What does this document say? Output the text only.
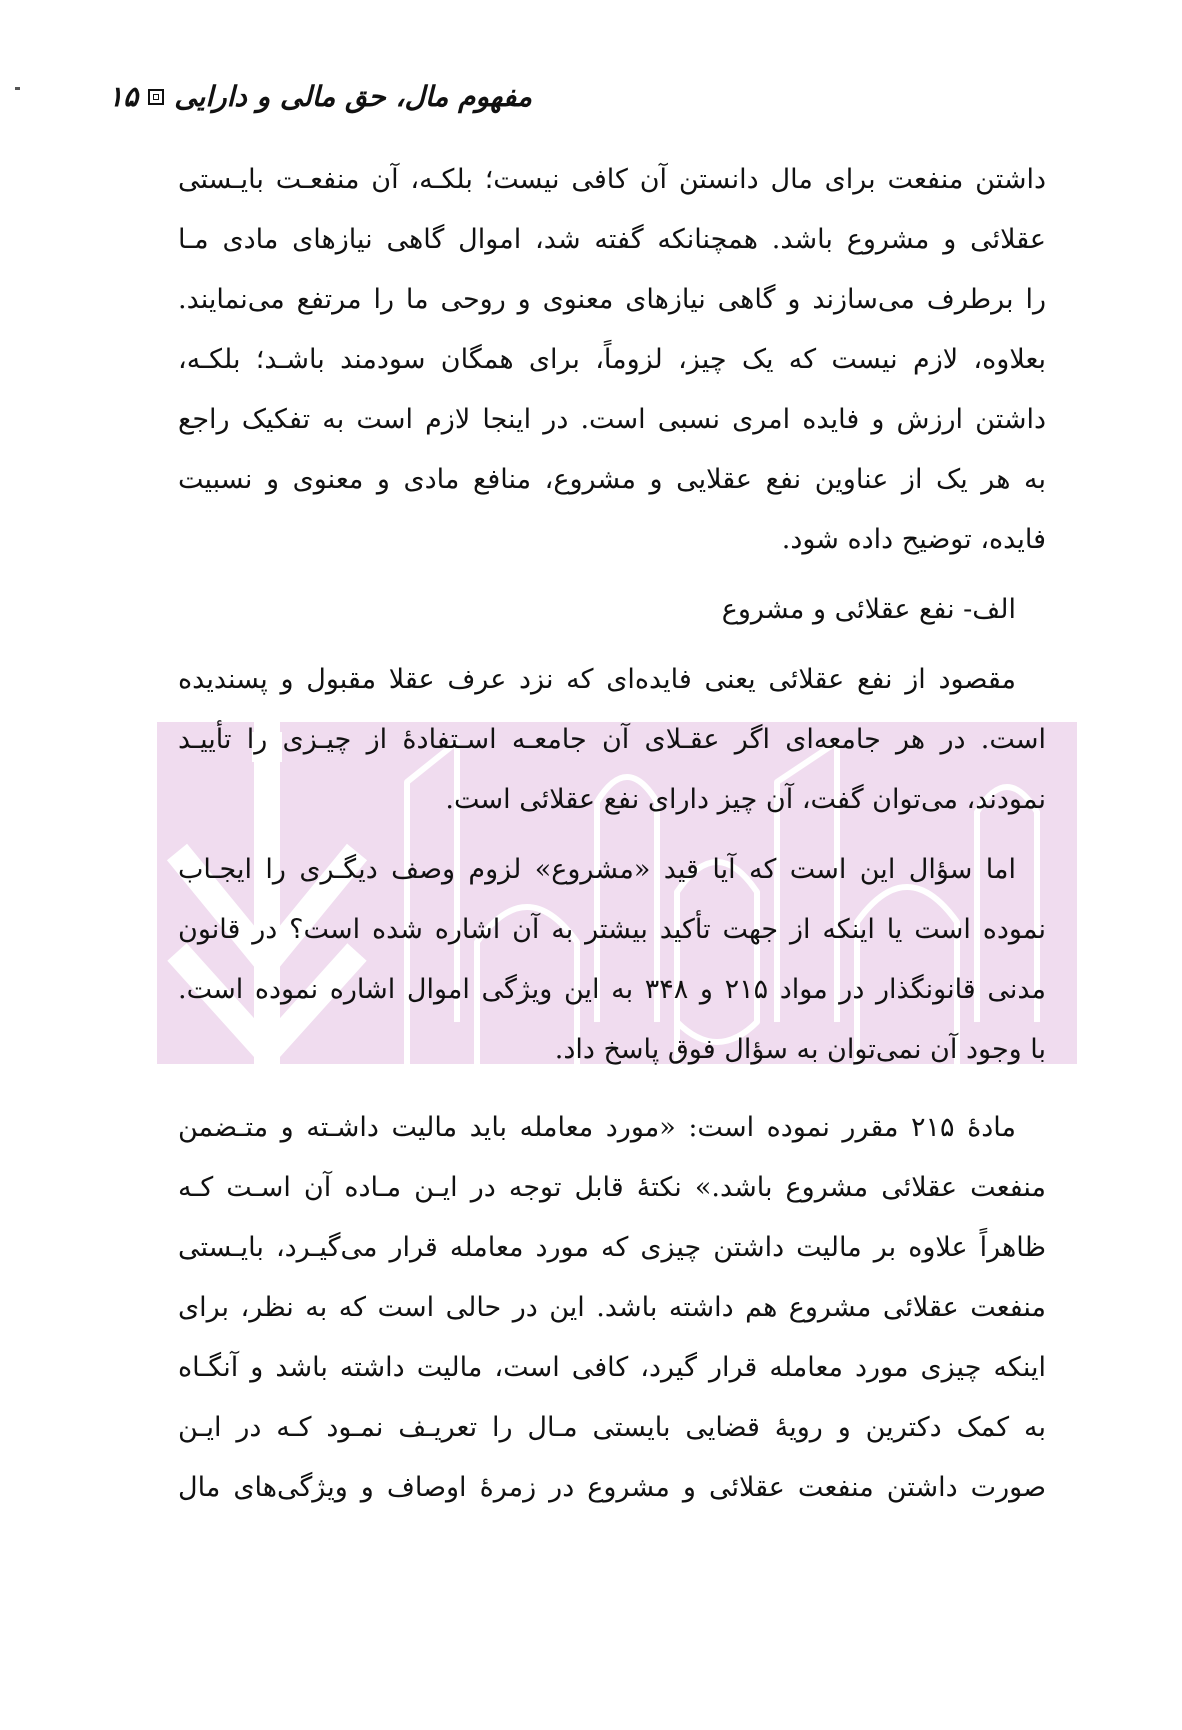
مفهوم مال، حق مالی و دارایی
۱۵
داشتن منفعت برای مال دانستن آن کافی نیست؛ بلکـه، آن منفعـت بایـستی
عقلائی و مشروع باشد. همچنانکه گفته شد، اموال گاهی نیازهای مادی مـا
را برطرف می‌سازند و گاهی نیازهای معنوی و روحی ما را مرتفع می‌نمایند.
بعلاوه، لازم نیست که یک چیز، لزوماً، برای همگان سودمند باشـد؛ بلکـه،
داشتن ارزش و فایده امری نسبی است. در اینجا لازم است به تفکیک راجع
به هر یک از عناوین نفع عقلایی و مشروع، منافع مادی و معنوی و نسبیت
فایده، توضیح داده شود.
الف- نفع عقلائی و مشروع
مقصود از نفع عقلائی یعنی فایده‌ای که نزد عرف عقلا مقبول و پسندیده
است. در هر جامعه‌ای اگر عقـلای آن جامعـه اسـتفادهٔ از چیـزی را تأییـد
نمودند، می‌توان گفت، آن چیز دارای نفع عقلائی است.
اما سؤال این است که آیا قید «مشروع» لزوم وصف دیگـری را ایجـاب
نموده است یا اینکه از جهت تأکید بیشتر به آن اشاره شده است؟ در قانون
مدنی قانونگذار در مواد ۲۱۵ و ۳۴۸ به این ویژگی اموال اشاره نموده است.
با وجود آن نمی‌توان به سؤال فوق پاسخ داد.
مادهٔ ۲۱۵ مقرر نموده است: «مورد معامله باید مالیت داشـته و متـضمن
منفعت عقلائی مشروع باشد.» نکتهٔ قابل توجه در ایـن مـاده آن اسـت کـه
ظاهراً علاوه بر مالیت داشتن چیزی که مورد معامله قرار می‌گیـرد، بایـستی
منفعت عقلائی مشروع هم داشته باشد. این در حالی است که به نظر، برای
اینکه چیزی مورد معامله قرار گیرد، کافی است، مالیت داشته باشد و آنگـاه
به کمک دکترین و رویهٔ قضایی بایستی مـال را تعریـف نمـود کـه در ایـن
صورت داشتن منفعت عقلائی و مشروع در زمرهٔ اوصاف و ویژگی‌های مال
